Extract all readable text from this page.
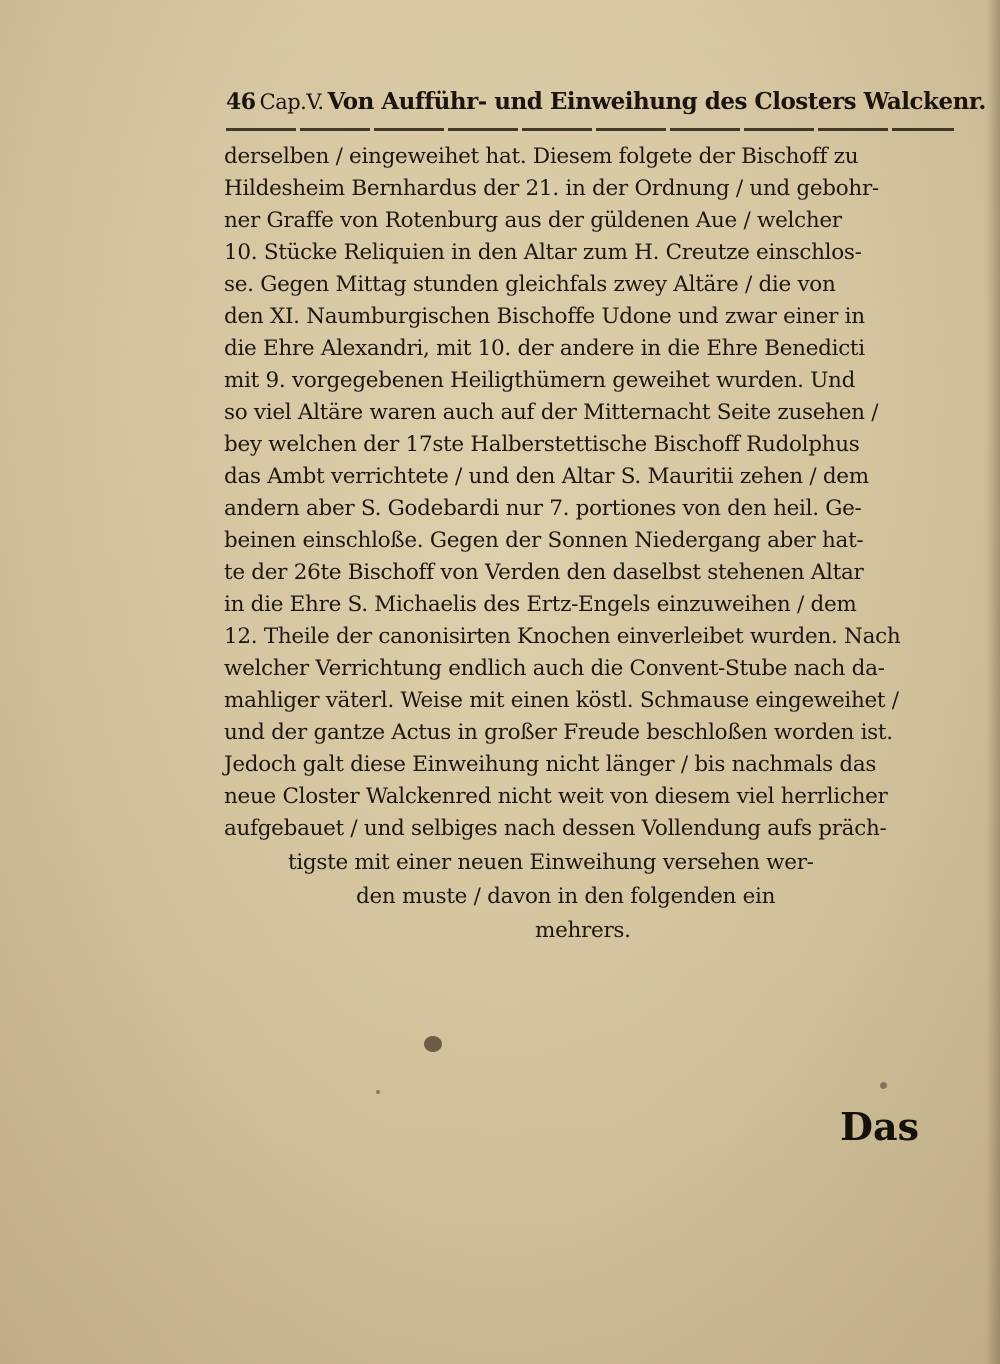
46 Cap.V. Von Aufführ- und Einweihung des Closters Walckenr.
derselben / eingeweihet hat. Diesem folgete der Bischoff zu
Hildesheim Bernhardus der 21. in der Ordnung / und gebohr-
ner Graffe von Rotenburg aus der güldenen Aue / welcher
10. Stücke Reliquien in den Altar zum H. Creutze einschlos-
se. Gegen Mittag stunden gleichfals zwey Altäre / die von
den XI. Naumburgischen Bischoffe Udone und zwar einer in
die Ehre Alexandri, mit 10. der andere in die Ehre Benedicti
mit 9. vorgegebenen Heiligthümern geweihet wurden. Und
so viel Altäre waren auch auf der Mitternacht Seite zusehen /
bey welchen der 17ste Halberstettische Bischoff Rudolphus
das Ambt verrichtete / und den Altar S. Mauritii zehen / dem
andern aber S. Godebardi nur 7. portiones von den heil. Ge-
beinen einschloße. Gegen der Sonnen Niedergang aber hat-
te der 26te Bischoff von Verden den daselbst stehenen Altar
in die Ehre S. Michaelis des Ertz-Engels einzuweihen / dem
12. Theile der canonisirten Knochen einverleibet wurden. Nach
welcher Verrichtung endlich auch die Convent-Stube nach da-
mahliger väterl. Weise mit einen köstl. Schmause eingeweihet /
und der gantze Actus in großer Freude beschloßen worden ist.
Jedoch galt diese Einweihung nicht länger / bis nachmals das
neue Closter Walckenred nicht weit von diesem viel herrlicher
aufgebauet / und selbiges nach dessen Vollendung aufs präch-
tigste mit einer neuen Einweihung versehen wer-
den muste / davon in den folgenden ein
mehrers.
Das
